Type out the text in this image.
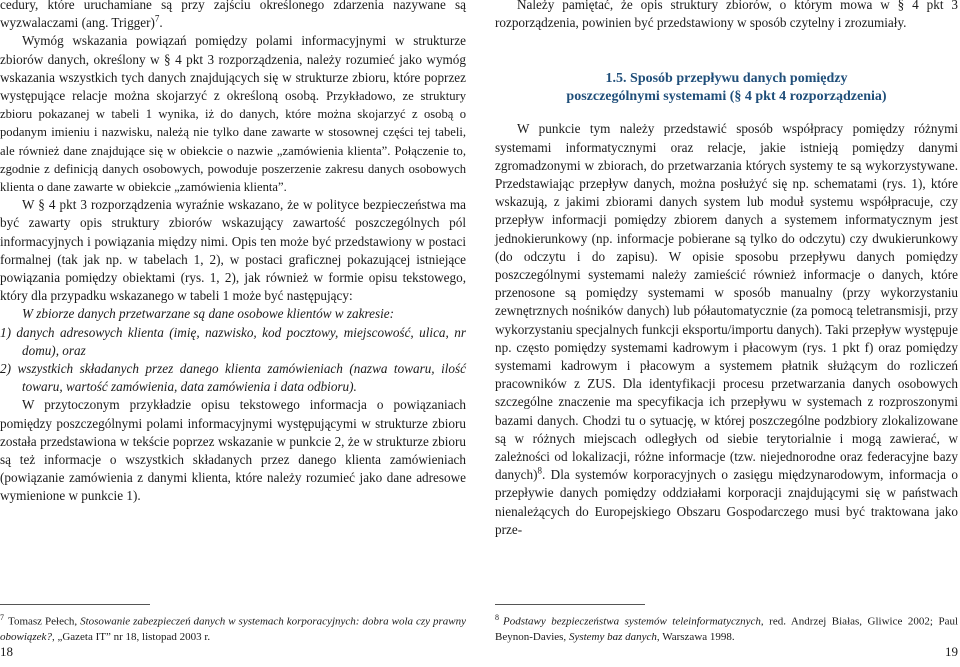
cedury, które uruchamiane są przy zajściu określonego zdarzenia nazywane są wyzwalaczami (ang. Trigger)$^7$.

Wymóg wskazania powiązań pomiędzy polami informacyjnymi w strukturze zbiorów danych, określony w § 4 pkt 3 rozporządzenia, należy rozumieć jako wymóg wskazania wszystkich tych danych znajdujących się w strukturze zbioru, które poprzez występujące relacje można skojarzyć z określoną osobą. Przykładowo, ze struktury zbioru pokazanej w tabeli 1 wynika, iż do danych, które można skojarzyć z osobą o podanym imieniu i nazwisku, należą nie tylko dane zawarte w stosownej części tej tabeli, ale również dane znajdujące się w obiekcie o nazwie „zamówienia klienta”. Połączenie to, zgodnie z definicją danych osobowych, powoduje poszerzenie zakresu danych osobowych klienta o dane zawarte w obiekcie „zamówienia klienta”.

W § 4 pkt 3 rozporządzenia wyraźnie wskazano, że w polityce bezpieczeństwa ma być zawarty opis struktury zbiorów wskazujący zawartość poszczególnych pól informacyjnych i powiązania między nimi. Opis ten może być przedstawiony w postaci formalnej (tak jak np. w tabelach 1, 2), w postaci graficznej pokazującej istniejące powiązania pomiędzy obiektami (rys. 1, 2), jak również w formie opisu tekstowego, który dla przypadku wskazanego w tabeli 1 może być następujący:

W zbiorze danych przetwarzane są dane osobowe klientów w zakresie:

1) danych adresowych klienta (imię, nazwisko, kod pocztowy, miejscowość, ulica, nr domu), oraz
2) wszystkich składanych przez danego klienta zamówieniach (nazwa towaru, ilość towaru, wartość zamówienia, data zamówienia i data odbioru).

W przytoczonym przykładzie opisu tekstowego informacja o powiązaniach pomiędzy poszczególnymi polami informacyjnymi występującymi w strukturze zbioru została przedstawiona w tekście poprzez wskazanie w punkcie 2, że w strukturze zbioru są też informacje o wszystkich składanych przez danego klienta zamówieniach (powiązanie zamówienia z danymi klienta, które należy rozumieć jako dane adresowe wymienione w punkcie 1).

$^7$ Tomasz Pełech, Stosowanie zabezpieczeń danych w systemach korporacyjnych: dobra wola czy prawny obowiązek?, „Gazeta IT” nr 18, listopad 2003 r.
18

Należy pamiętać, że opis struktury zbiorów, o którym mowa w § 4 pkt 3 rozporządzenia, powinien być przedstawiony w sposób czytelny i zrozumiały.

1.5. Sposób przepływu danych pomiędzy
poszczególnymi systemami (§ 4 pkt 4 rozporządzenia)

W punkcie tym należy przedstawić sposób współpracy pomiędzy różnymi systemami informatycznymi oraz relacje, jakie istnieją pomiędzy danymi zgromadzonymi w zbiorach, do przetwarzania których systemy te są wykorzystywane. Przedstawiając przepływ danych, można posłużyć się np. schematami (rys. 1), które wskazują, z jakimi zbiorami danych system lub moduł systemu współpracuje, czy przepływ informacji pomiędzy zbiorem danych a systemem informatycznym jest jednokierunkowy (np. informacje pobierane są tylko do odczytu) czy dwukierunkowy (do odczytu i do zapisu). W opisie sposobu przepływu danych pomiędzy poszczególnymi systemami należy zamieścić również informacje o danych, które przenosone są pomiędzy systemami w sposób manualny (przy wykorzystaniu zewnętrznych nośników danych) lub półautomatycznie (za pomocą teletransmisji, przy wykorzystaniu specjalnych funkcji eksportu/importu danych). Taki przepływ występuje np. często pomiędzy systemami kadrowym i płacowym (rys. 1 pkt f) oraz pomiędzy systemami kadrowym i płacowym a systemem płatnik służącym do rozliczeń pracowników z ZUS. Dla identyfikacji procesu przetwarzania danych osobowych szczególne znaczenie ma specyfikacja ich przepływu w systemach z rozproszonymi bazami danych. Chodzi tu o sytuację, w której poszczególne podzbiory zlokalizowane są w różnych miejscach odległych od siebie terytorialnie i mogą zawierać, w zależności od lokalizacji, różne informacje (tzw. niejednorodne oraz federacyjne bazy danych)$^8$. Dla systemów korporacyjnych o zasięgu międzynarodowym, informacja o przepływie danych pomiędzy oddziałami korporacji znajdującymi się w państwach nienależących do Europejskiego Obszaru Gospodarczego musi być traktowana jako prze-

$^8$ Podstawy bezpieczeństwa systemów teleinformatycznych, red. Andrzej Białas, Gliwice 2002; Paul Beynon-Davies, Systemy baz danych, Warszawa 1998.
19
